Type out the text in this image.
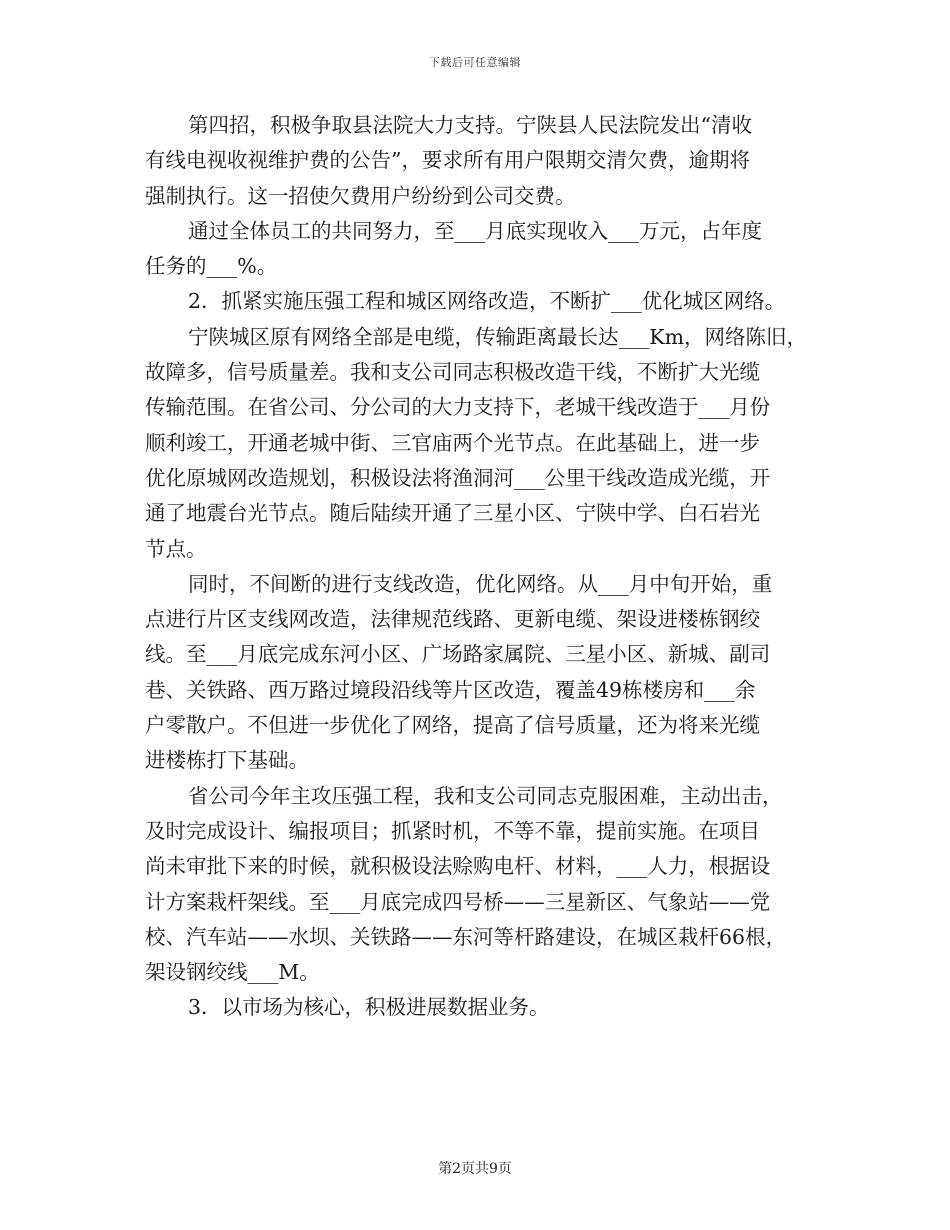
下载后可任意编辑
第四招，积极争取县法院大力支持。宁陕县人民法院发出“清收
有线电视收视维护费的公告”，要求所有用户限期交清欠费，逾期将
强制执行。这一招使欠费用户纷纷到公司交费。
通过全体员工的共同努力，至___月底实现收入___万元，占年度
任务的___%。
2．抓紧实施压强工程和城区网络改造，不断扩___优化城区网络。
宁陕城区原有网络全部是电缆，传输距离最长达___Km，网络陈旧，
故障多，信号质量差。我和支公司同志积极改造干线，不断扩大光缆
传输范围。在省公司、分公司的大力支持下，老城干线改造于___月份
顺利竣工，开通老城中街、三官庙两个光节点。在此基础上，进一步
优化原城网改造规划，积极设法将渔洞河___公里干线改造成光缆，开
通了地震台光节点。随后陆续开通了三星小区、宁陕中学、白石岩光
节点。
同时，不间断的进行支线改造，优化网络。从___月中旬开始，重
点进行片区支线网改造，法律规范线路、更新电缆、架设进楼栋钢绞
线。至___月底完成东河小区、广场路家属院、三星小区、新城、副司
巷、关铁路、西万路过境段沿线等片区改造，覆盖49栋楼房和___余
户零散户。不但进一步优化了网络，提高了信号质量，还为将来光缆
进楼栋打下基础。
省公司今年主攻压强工程，我和支公司同志克服困难，主动出击，
及时完成设计、编报项目；抓紧时机，不等不靠，提前实施。在项目
尚未审批下来的时候，就积极设法赊购电杆、材料，___人力，根据设
计方案栽杆架线。至___月底完成四号桥——三星新区、气象站——党
校、汽车站——水坝、关铁路——东河等杆路建设，在城区栽杆66根，
架设钢绞线___M。
3．以市场为核心，积极进展数据业务。
第2页共9页
